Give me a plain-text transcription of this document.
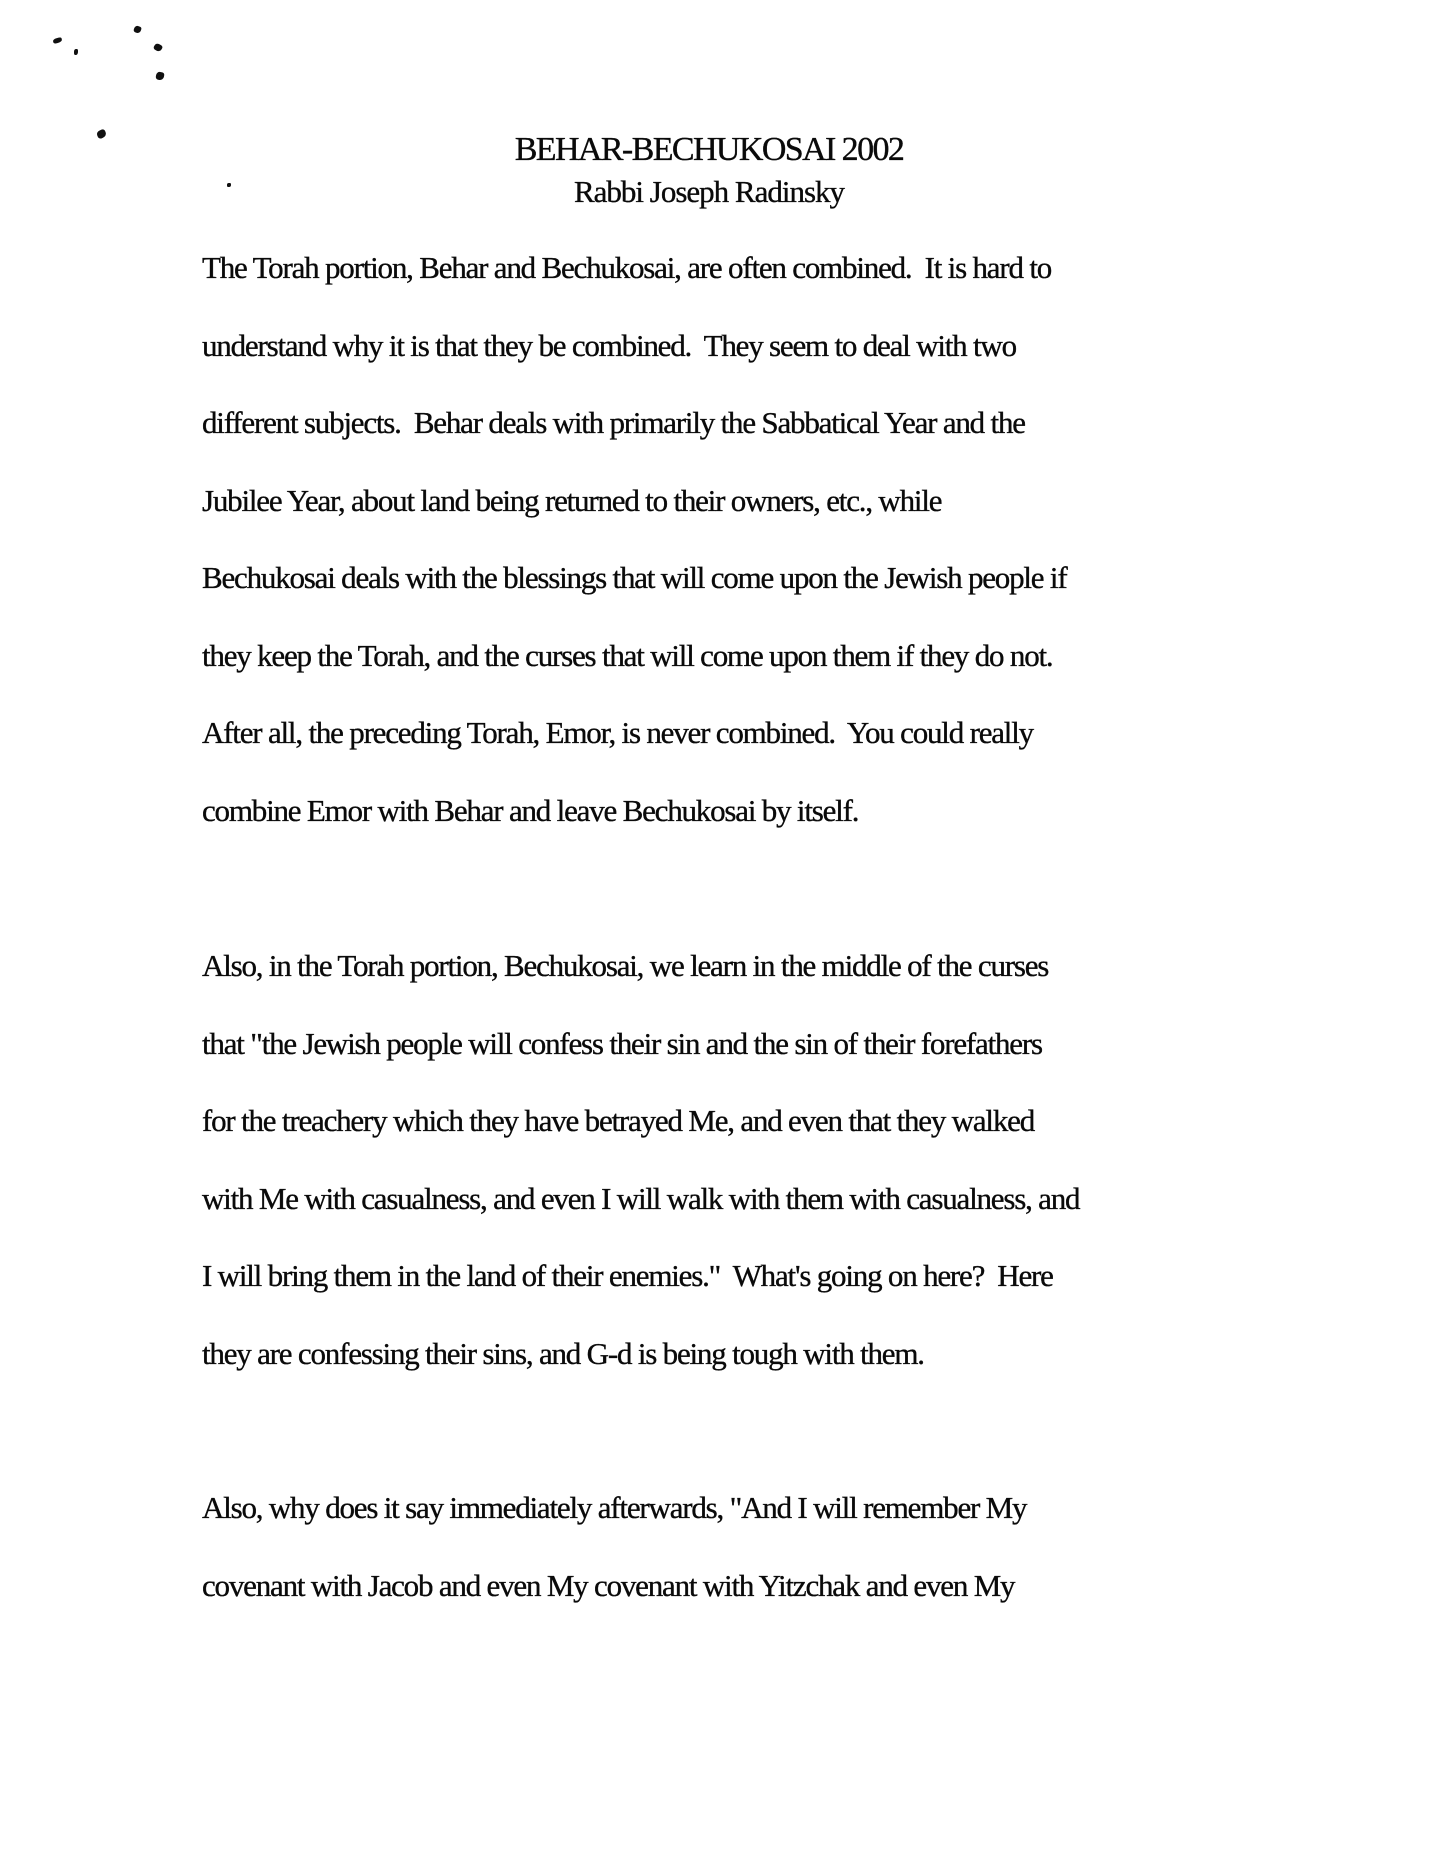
BEHAR-BECHUKOSAI 2002
Rabbi Joseph Radinsky
The Torah portion, Behar and Bechukosai, are often combined.  It is hard to
understand why it is that they be combined.  They seem to deal with two
different subjects.  Behar deals with primarily the Sabbatical Year and the
Jubilee Year, about land being returned to their owners, etc., while
Bechukosai deals with the blessings that will come upon the Jewish people if
they keep the Torah, and the curses that will come upon them if they do not.
After all, the preceding Torah, Emor, is never combined.  You could really
combine Emor with Behar and leave Bechukosai by itself.
Also, in the Torah portion, Bechukosai, we learn in the middle of the curses
that "the Jewish people will confess their sin and the sin of their forefathers
for the treachery which they have betrayed Me, and even that they walked
with Me with casualness, and even I will walk with them with casualness, and
I will bring them in the land of their enemies."  What's going on here?  Here
they are confessing their sins, and G-d is being tough with them.
Also, why does it say immediately afterwards, "And I will remember My
covenant with Jacob and even My covenant with Yitzchak and even My
